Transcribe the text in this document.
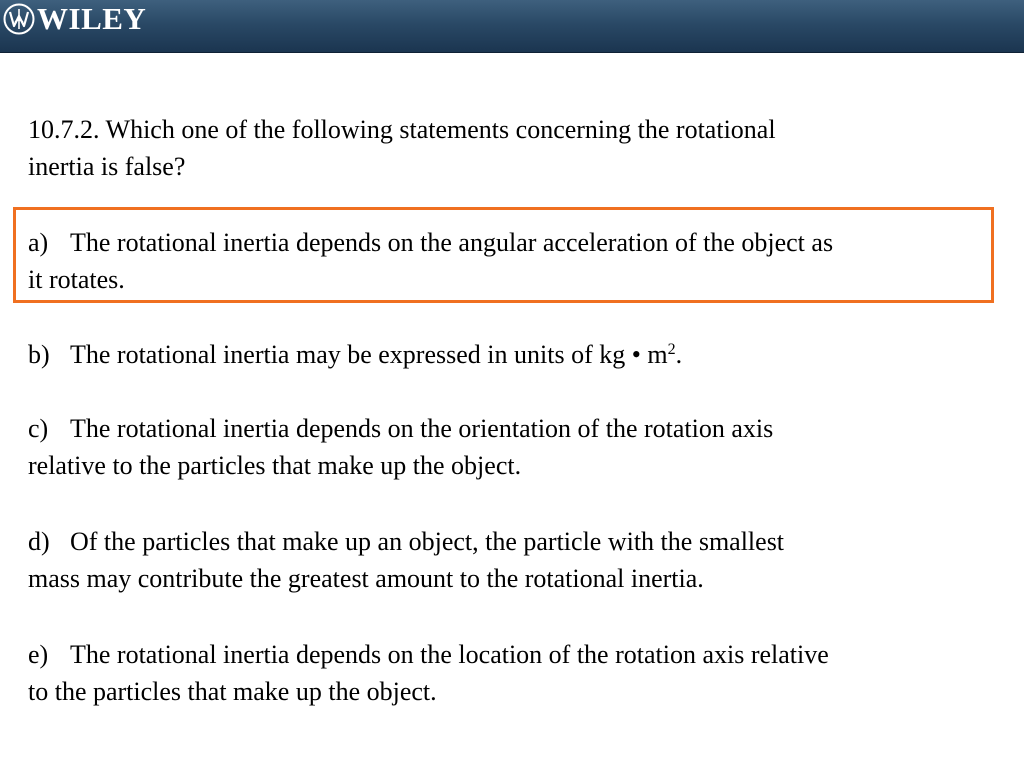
WILEY
10.7.2. Which one of the following statements concerning the rotational
inertia is false?
a) The rotational inertia depends on the angular acceleration of the object as
it rotates.
b) The rotational inertia may be expressed in units of kg • $m^2$.
c) The rotational inertia depends on the orientation of the rotation axis
relative to the particles that make up the object.
d) Of the particles that make up an object, the particle with the smallest
mass may contribute the greatest amount to the rotational inertia.
e) The rotational inertia depends on the location of the rotation axis relative
to the particles that make up the object.
